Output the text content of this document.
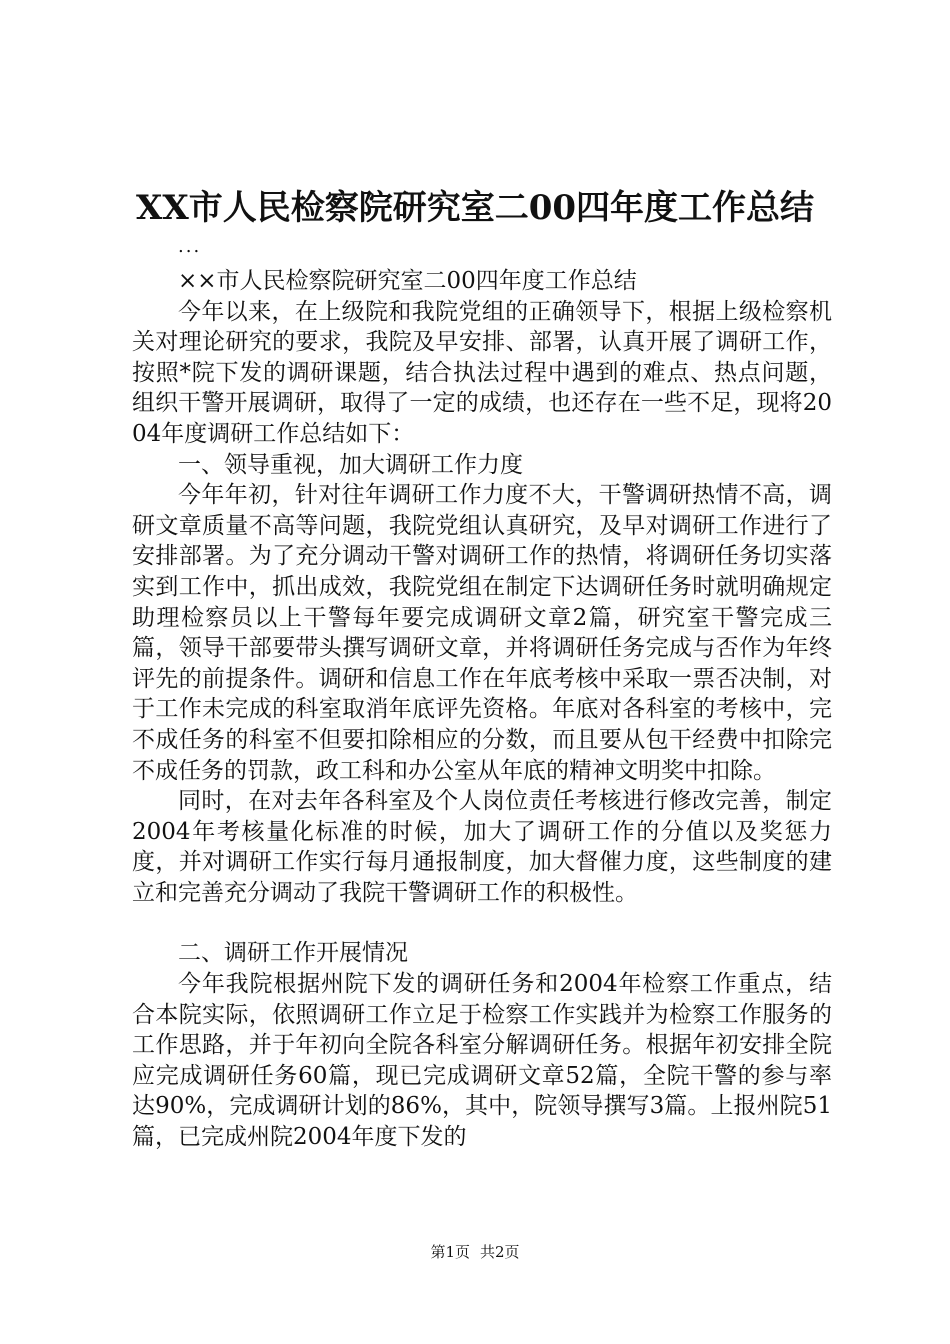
XX市人民检察院研究室二00四年度工作总结
...

××市人民检察院研究室二00四年度工作总结

今年以来，在上级院和我院党组的正确领导下，根据上级检察机关对理论研究的要求，我院及早安排、部署，认真开展了调研工作，按照*院下发的调研课题，结合执法过程中遇到的难点、热点问题，组织干警开展调研，取得了一定的成绩，也还存在一些不足，现将2004年度调研工作总结如下：

一、领导重视，加大调研工作力度

今年年初，针对往年调研工作力度不大，干警调研热情不高，调研文章质量不高等问题，我院党组认真研究，及早对调研工作进行了安排部署。为了充分调动干警对调研工作的热情，将调研任务切实落实到工作中，抓出成效，我院党组在制定下达调研任务时就明确规定助理检察员以上干警每年要完成调研文章2篇，研究室干警完成三篇，领导干部要带头撰写调研文章，并将调研任务完成与否作为年终评先的前提条件。调研和信息工作在年底考核中采取一票否决制，对于工作未完成的科室取消年底评先资格。年底对各科室的考核中，完不成任务的科室不但要扣除相应的分数，而且要从包干经费中扣除完不成任务的罚款，政工科和办公室从年底的精神文明奖中扣除。

同时，在对去年各科室及个人岗位责任考核进行修改完善，制定2004年考核量化标准的时候，加大了调研工作的分值以及奖惩力度，并对调研工作实行每月通报制度，加大督催力度，这些制度的建立和完善充分调动了我院干警调研工作的积极性。

二、调研工作开展情况

今年我院根据州院下发的调研任务和2004年检察工作重点，结合本院实际，依照调研工作立足于检察工作实践并为检察工作服务的工作思路，并于年初向全院各科室分解调研任务。根据年初安排全院应完成调研任务60篇，现已完成调研文章52篇，全院干警的参与率达90%，完成调研计划的86%，其中，院领导撰写3篇。上报州院51篇，已完成州院2004年度下发的

第1页 共2页
